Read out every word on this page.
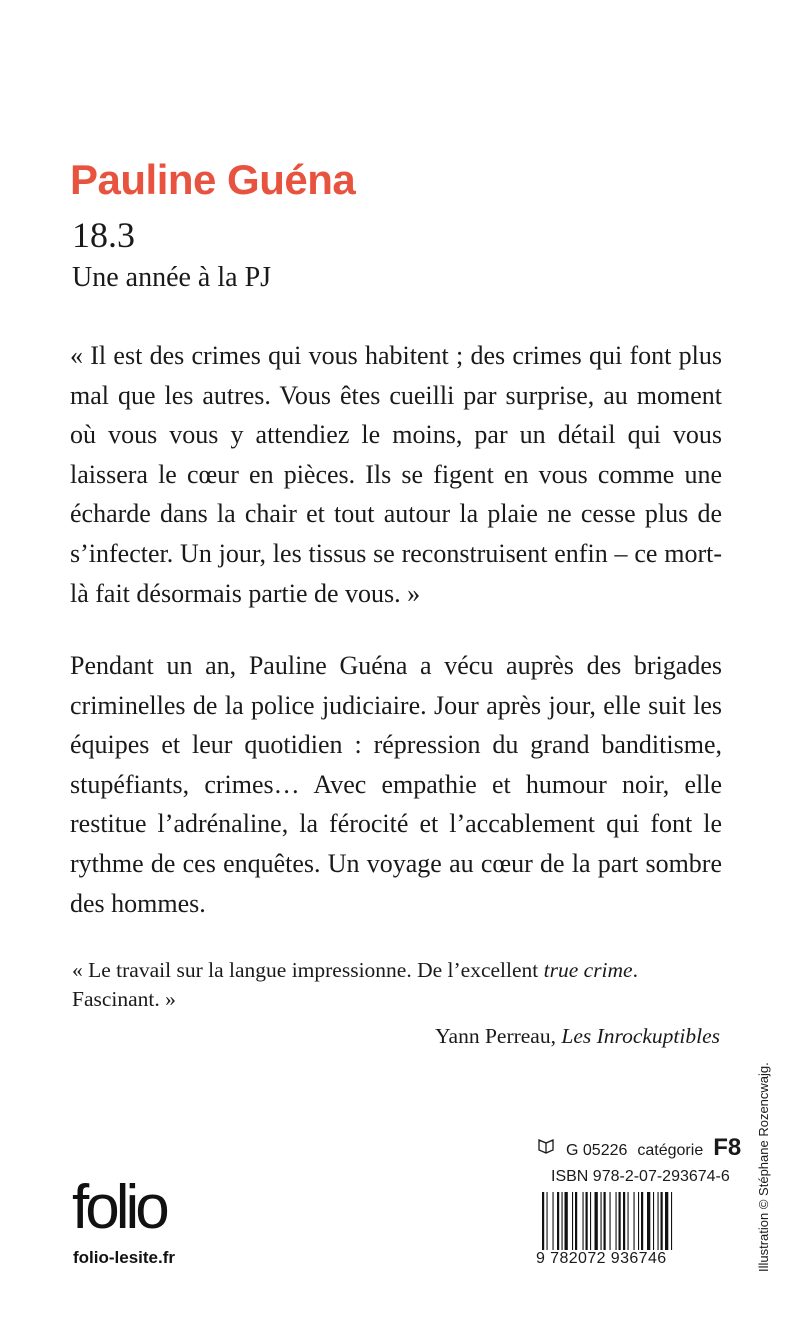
Pauline Guéna
18.3
Une année à la PJ

« Il est des crimes qui vous habitent ; des crimes qui font plus mal que les autres. Vous êtes cueilli par surprise, au moment où vous vous y attendiez le moins, par un détail qui vous laissera le cœur en pièces. Ils se figent en vous comme une écharde dans la chair et tout autour la plaie ne cesse plus de s’infecter. Un jour, les tissus se reconstruisent enfin – ce mort-là fait désormais partie de vous. »

Pendant un an, Pauline Guéna a vécu auprès des brigades criminelles de la police judiciaire. Jour après jour, elle suit les équipes et leur quotidien : répression du grand banditisme, stupéfiants, crimes… Avec empathie et humour noir, elle restitue l’adrénaline, la férocité et l’accablement qui font le rythme de ces enquêtes. Un voyage au cœur de la part sombre des hommes.

« Le travail sur la langue impressionne. De l’excellent true crime. Fascinant. »

Yann Perreau, Les Inrockuptibles
Illustration © Stéphane Rozencwajg.
G 05226 catégorie F8
ISBN 978-2-07-293674-6
9 782072 936746
folio
folio-lesite.fr
